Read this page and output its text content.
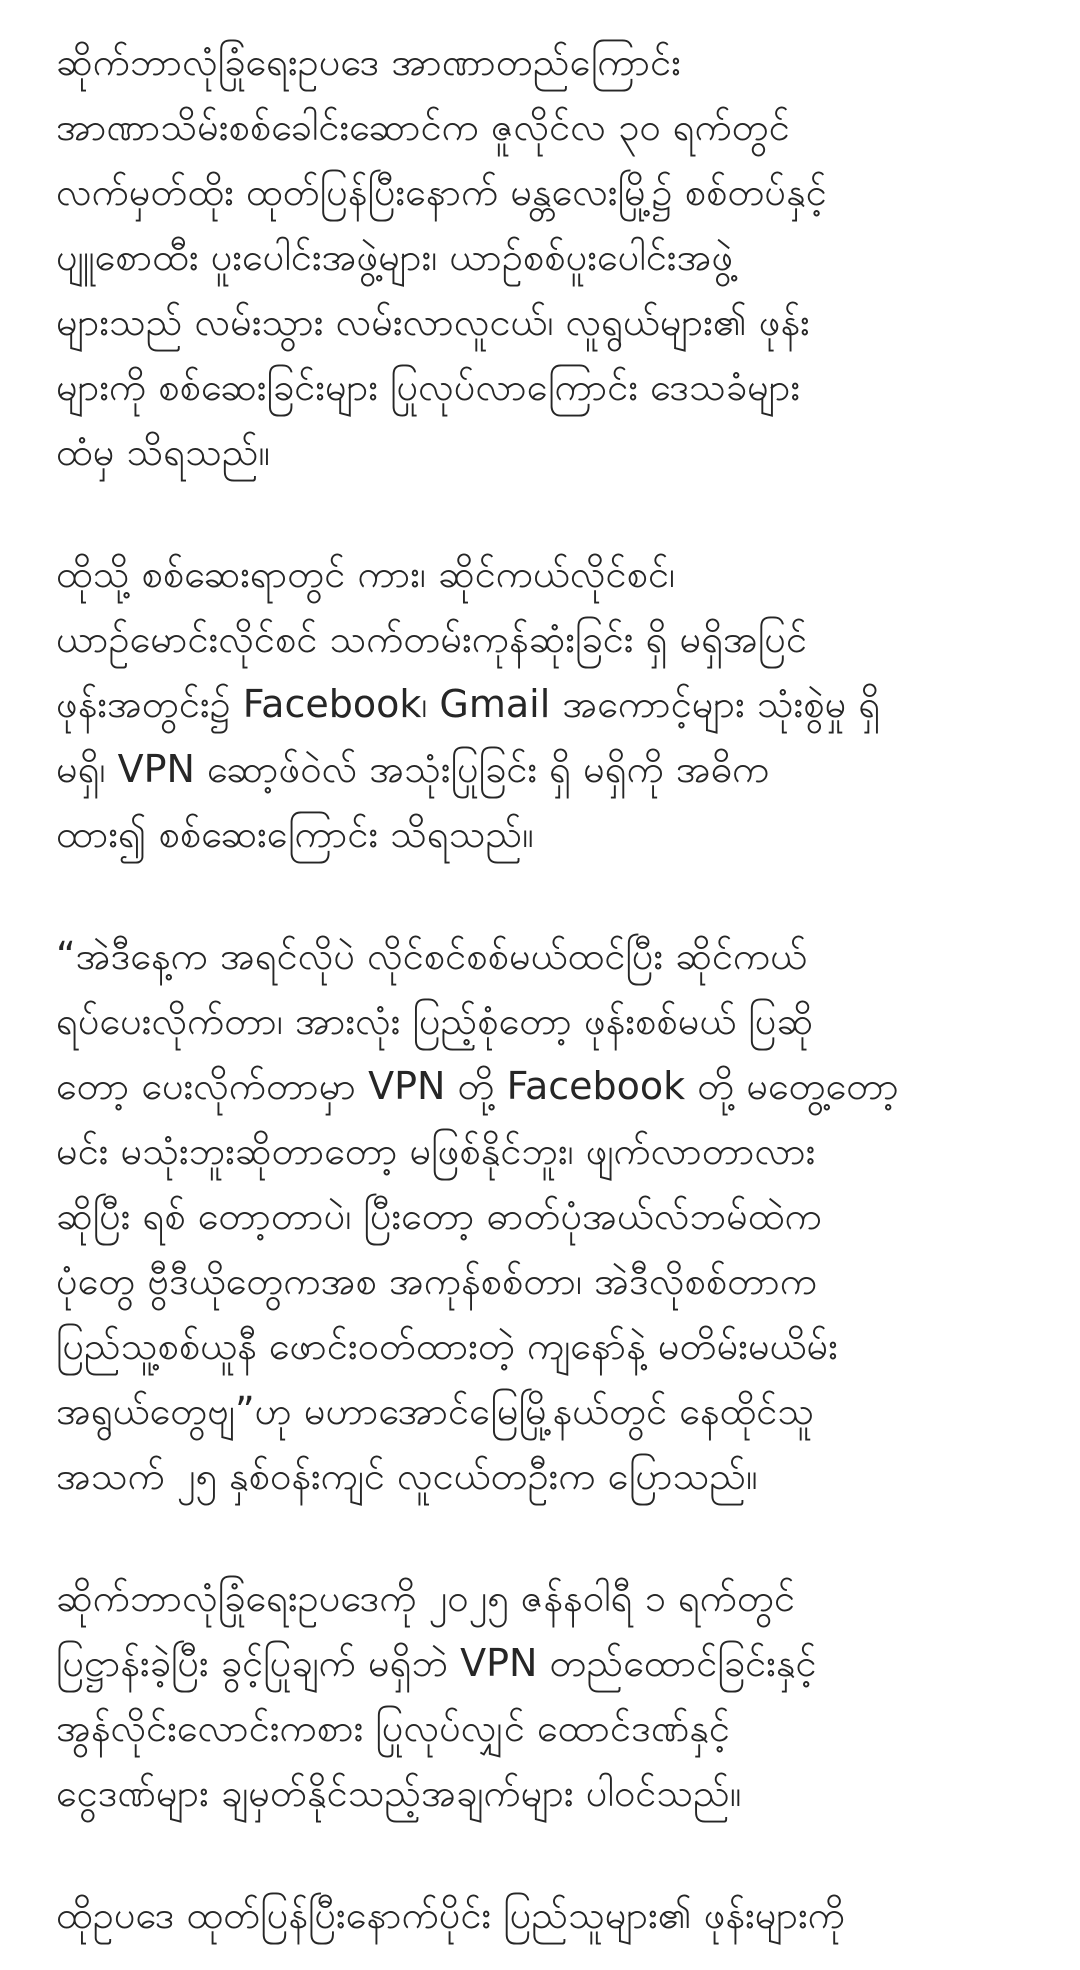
ဆိုက်ဘာလုံခြုံရေးဥပဒေ အာဏာတည်ကြောင်း
အာဏာသိမ်းစစ်ခေါင်းဆောင်က ဇူလိုင်လ ၃၀ ရက်တွင်
လက်မှတ်ထိုး ထုတ်ပြန်ပြီးနောက် မန္တလေးမြို့၌ စစ်တပ်နှင့်
ပျူစောထီး ပူးပေါင်းအဖွဲ့များ၊ ယာဉ်စစ်ပူးပေါင်းအဖွဲ့
များသည် လမ်းသွား လမ်းလာလူငယ်၊ လူရွယ်များ၏ ဖုန်း
များကို စစ်ဆေးခြင်းများ ပြုလုပ်လာကြောင်း ဒေသခံများ
ထံမှ သိရသည်။
ထိုသို့ စစ်ဆေးရာတွင် ကား၊ ဆိုင်ကယ်လိုင်စင်၊
ယာဉ်မောင်းလိုင်စင် သက်တမ်းကုန်ဆုံးခြင်း ရှိ မရှိအပြင်
ဖုန်းအတွင်း၌ Facebook၊ Gmail အကောင့်များ သုံးစွဲမှု ရှိ
မရှိ၊ VPN ဆော့ဖ်ဝဲလ် အသုံးပြုခြင်း ရှိ မရှိကို အဓိက
ထား၍ စစ်ဆေးကြောင်း သိရသည်။
“အဲဒီနေ့က အရင်လိုပဲ လိုင်စင်စစ်မယ်ထင်ပြီး ဆိုင်ကယ်
ရပ်ပေးလိုက်တာ၊ အားလုံး ပြည့်စုံတော့ ဖုန်းစစ်မယ် ပြဆို
တော့ ပေးလိုက်တာမှာ VPN တို့ Facebook တို့ မတွေ့တော့
မင်း မသုံးဘူးဆိုတာတော့ မဖြစ်နိုင်ဘူး၊ ဖျက်လာတာလား
ဆိုပြီး ရစ် တော့တာပဲ၊ ပြီးတော့ ဓာတ်ပုံအယ်လ်ဘမ်ထဲက
ပုံတွေ ဗွီဒီယိုတွေကအစ အကုန်စစ်တာ၊ အဲဒီလိုစစ်တာက
ပြည်သူ့စစ်ယူနီ ဖောင်းဝတ်ထားတဲ့ ကျနော်နဲ့ မတိမ်းမယိမ်း
အရွယ်တွေဗျ”ဟု မဟာအောင်မြေမြို့နယ်တွင် နေထိုင်သူ
အသက် ၂၅ နှစ်ဝန်းကျင် လူငယ်တဦးက ပြောသည်။
ဆိုက်ဘာလုံခြုံရေးဥပဒေကို ၂၀၂၅ ဇန်နဝါရီ ၁ ရက်တွင်
ပြဋ္ဌာန်းခဲ့ပြီး ခွင့်ပြုချက် မရှိဘဲ VPN တည်ထောင်ခြင်းနှင့်
အွန်လိုင်းလောင်းကစား ပြုလုပ်လျှင် ထောင်ဒဏ်နှင့်
ငွေဒဏ်များ ချမှတ်နိုင်သည့်အချက်များ ပါဝင်သည်။
ထိုဥပဒေ ထုတ်ပြန်ပြီးနောက်ပိုင်း ပြည်သူများ၏ ဖုန်းများကို
